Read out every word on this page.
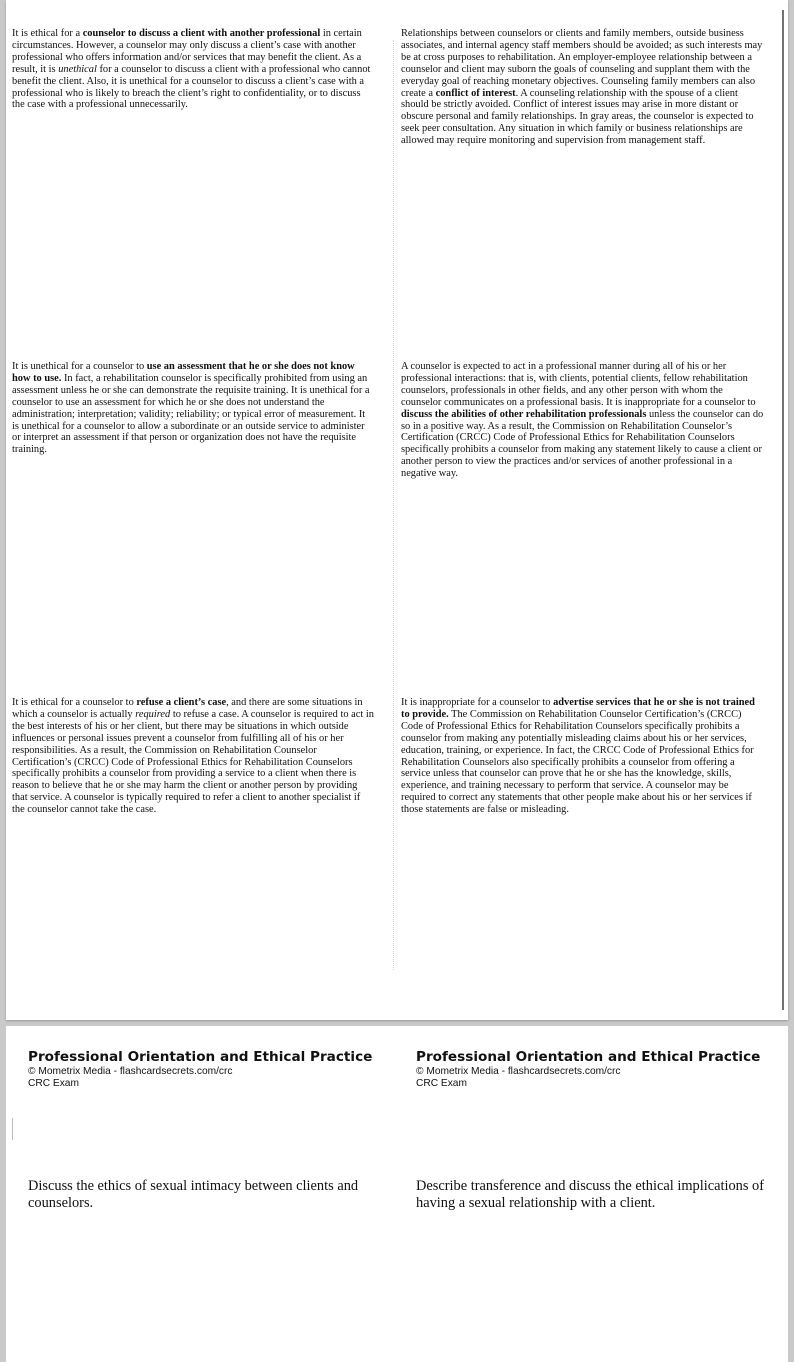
It is ethical for a counselor to discuss a client with another professional in certain circumstances. However, a counselor may only discuss a client’s case with another professional who offers information and/or services that may benefit the client. As a result, it is unethical for a counselor to discuss a client with a professional who cannot benefit the client. Also, it is unethical for a counselor to discuss a client’s case with a professional who is likely to breach the client’s right to confidentiality, or to discuss the case with a professional unnecessarily.
Relationships between counselors or clients and family members, outside business associates, and internal agency staff members should be avoided; as such interests may be at cross purposes to rehabilitation. An employer-employee relationship between a counselor and client may suborn the goals of counseling and supplant them with the everyday goal of reaching monetary objectives. Counseling family members can also create a conflict of interest. A counseling relationship with the spouse of a client should be strictly avoided. Conflict of interest issues may arise in more distant or obscure personal and family relationships. In gray areas, the counselor is expected to seek peer consultation. Any situation in which family or business relationships are allowed may require monitoring and supervision from management staff.
It is unethical for a counselor to use an assessment that he or she does not know how to use. In fact, a rehabilitation counselor is specifically prohibited from using an assessment unless he or she can demonstrate the requisite training. It is unethical for a counselor to use an assessment for which he or she does not understand the administration; interpretation; validity; reliability; or typical error of measurement. It is unethical for a counselor to allow a subordinate or an outside service to administer or interpret an assessment if that person or organization does not have the requisite training.
A counselor is expected to act in a professional manner during all of his or her professional interactions: that is, with clients, potential clients, fellow rehabilitation counselors, professionals in other fields, and any other person with whom the counselor communicates on a professional basis. It is inappropriate for a counselor to discuss the abilities of other rehabilitation professionals unless the counselor can do so in a positive way. As a result, the Commission on Rehabilitation Counselor’s Certification (CRCC) Code of Professional Ethics for Rehabilitation Counselors specifically prohibits a counselor from making any statement likely to cause a client or another person to view the practices and/or services of another professional in a negative way.
It is ethical for a counselor to refuse a client’s case, and there are some situations in which a counselor is actually required to refuse a case. A counselor is required to act in the best interests of his or her client, but there may be situations in which outside influences or personal issues prevent a counselor from fulfilling all of his or her responsibilities. As a result, the Commission on Rehabilitation Counselor Certification’s (CRCC) Code of Professional Ethics for Rehabilitation Counselors specifically prohibits a counselor from providing a service to a client when there is reason to believe that he or she may harm the client or another person by providing that service. A counselor is typically required to refer a client to another specialist if the counselor cannot take the case.
It is inappropriate for a counselor to advertise services that he or she is not trained to provide. The Commission on Rehabilitation Counselor Certification’s (CRCC) Code of Professional Ethics for Rehabilitation Counselors specifically prohibits a counselor from making any potentially misleading claims about his or her services, education, training, or experience. In fact, the CRCC Code of Professional Ethics for Rehabilitation Counselors also specifically prohibits a counselor from offering a service unless that counselor can prove that he or she has the knowledge, skills, experience, and training necessary to perform that service. A counselor may be required to correct any statements that other people make about his or her services if those statements are false or misleading.
Professional Orientation and Ethical Practice
© Mometrix Media - flashcardsecrets.com/crc
CRC Exam
Discuss the ethics of sexual intimacy between clients and counselors.
Professional Orientation and Ethical Practice
© Mometrix Media - flashcardsecrets.com/crc
CRC Exam
Describe transference and discuss the ethical implications of having a sexual relationship with a client.
